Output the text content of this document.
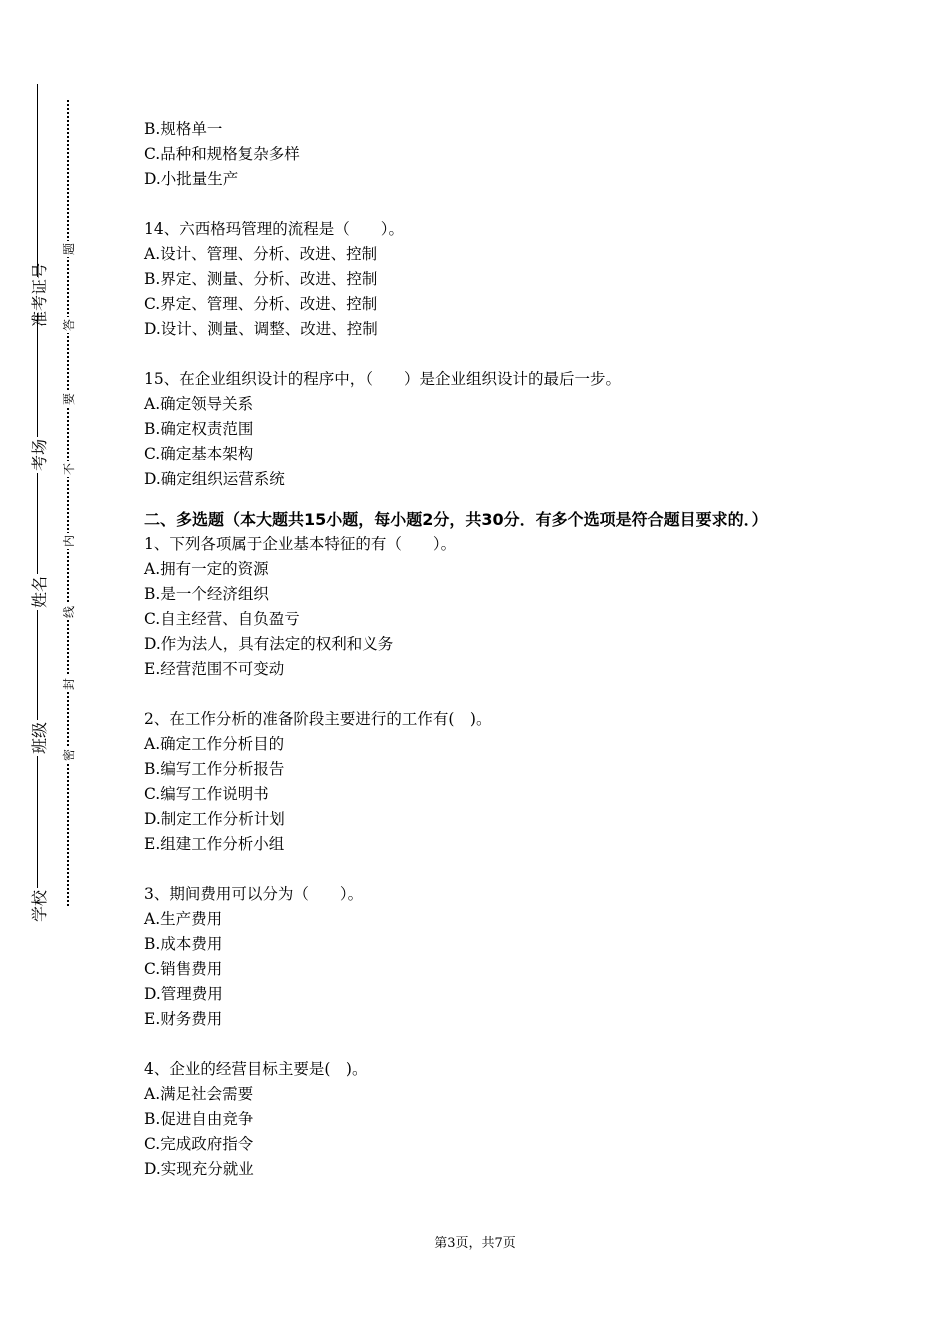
准考证号
考场
姓名
班级
学校
题
答
要
不
内
线
封
密
B.规格单一
C.品种和规格复杂多样
D.小批量生产
14、六西格玛管理的流程是（　　）。
A.设计、管理、分析、改进、控制
B.界定、测量、分析、改进、控制
C.界定、管理、分析、改进、控制
D.设计、测量、调整、改进、控制
15、在企业组织设计的程序中，（　　）是企业组织设计的最后一步。
A.确定领导关系
B.确定权责范围
C.确定基本架构
D.确定组织运营系统
二、多选题（本大题共15小题，每小题2分，共30分．有多个选项是符合题目要求的．）
1、下列各项属于企业基本特征的有（　　）。
A.拥有一定的资源
B.是一个经济组织
C.自主经营、自负盈亏
D.作为法人，具有法定的权利和义务
E.经营范围不可变动
2、在工作分析的准备阶段主要进行的工作有(　)。
A.确定工作分析目的
B.编写工作分析报告
C.编写工作说明书
D.制定工作分析计划
E.组建工作分析小组
3、期间费用可以分为（　　）。
A.生产费用
B.成本费用
C.销售费用
D.管理费用
E.财务费用
4、企业的经营目标主要是(　)。
A.满足社会需要
B.促进自由竞争
C.完成政府指令
D.实现充分就业
第3页，共7页
